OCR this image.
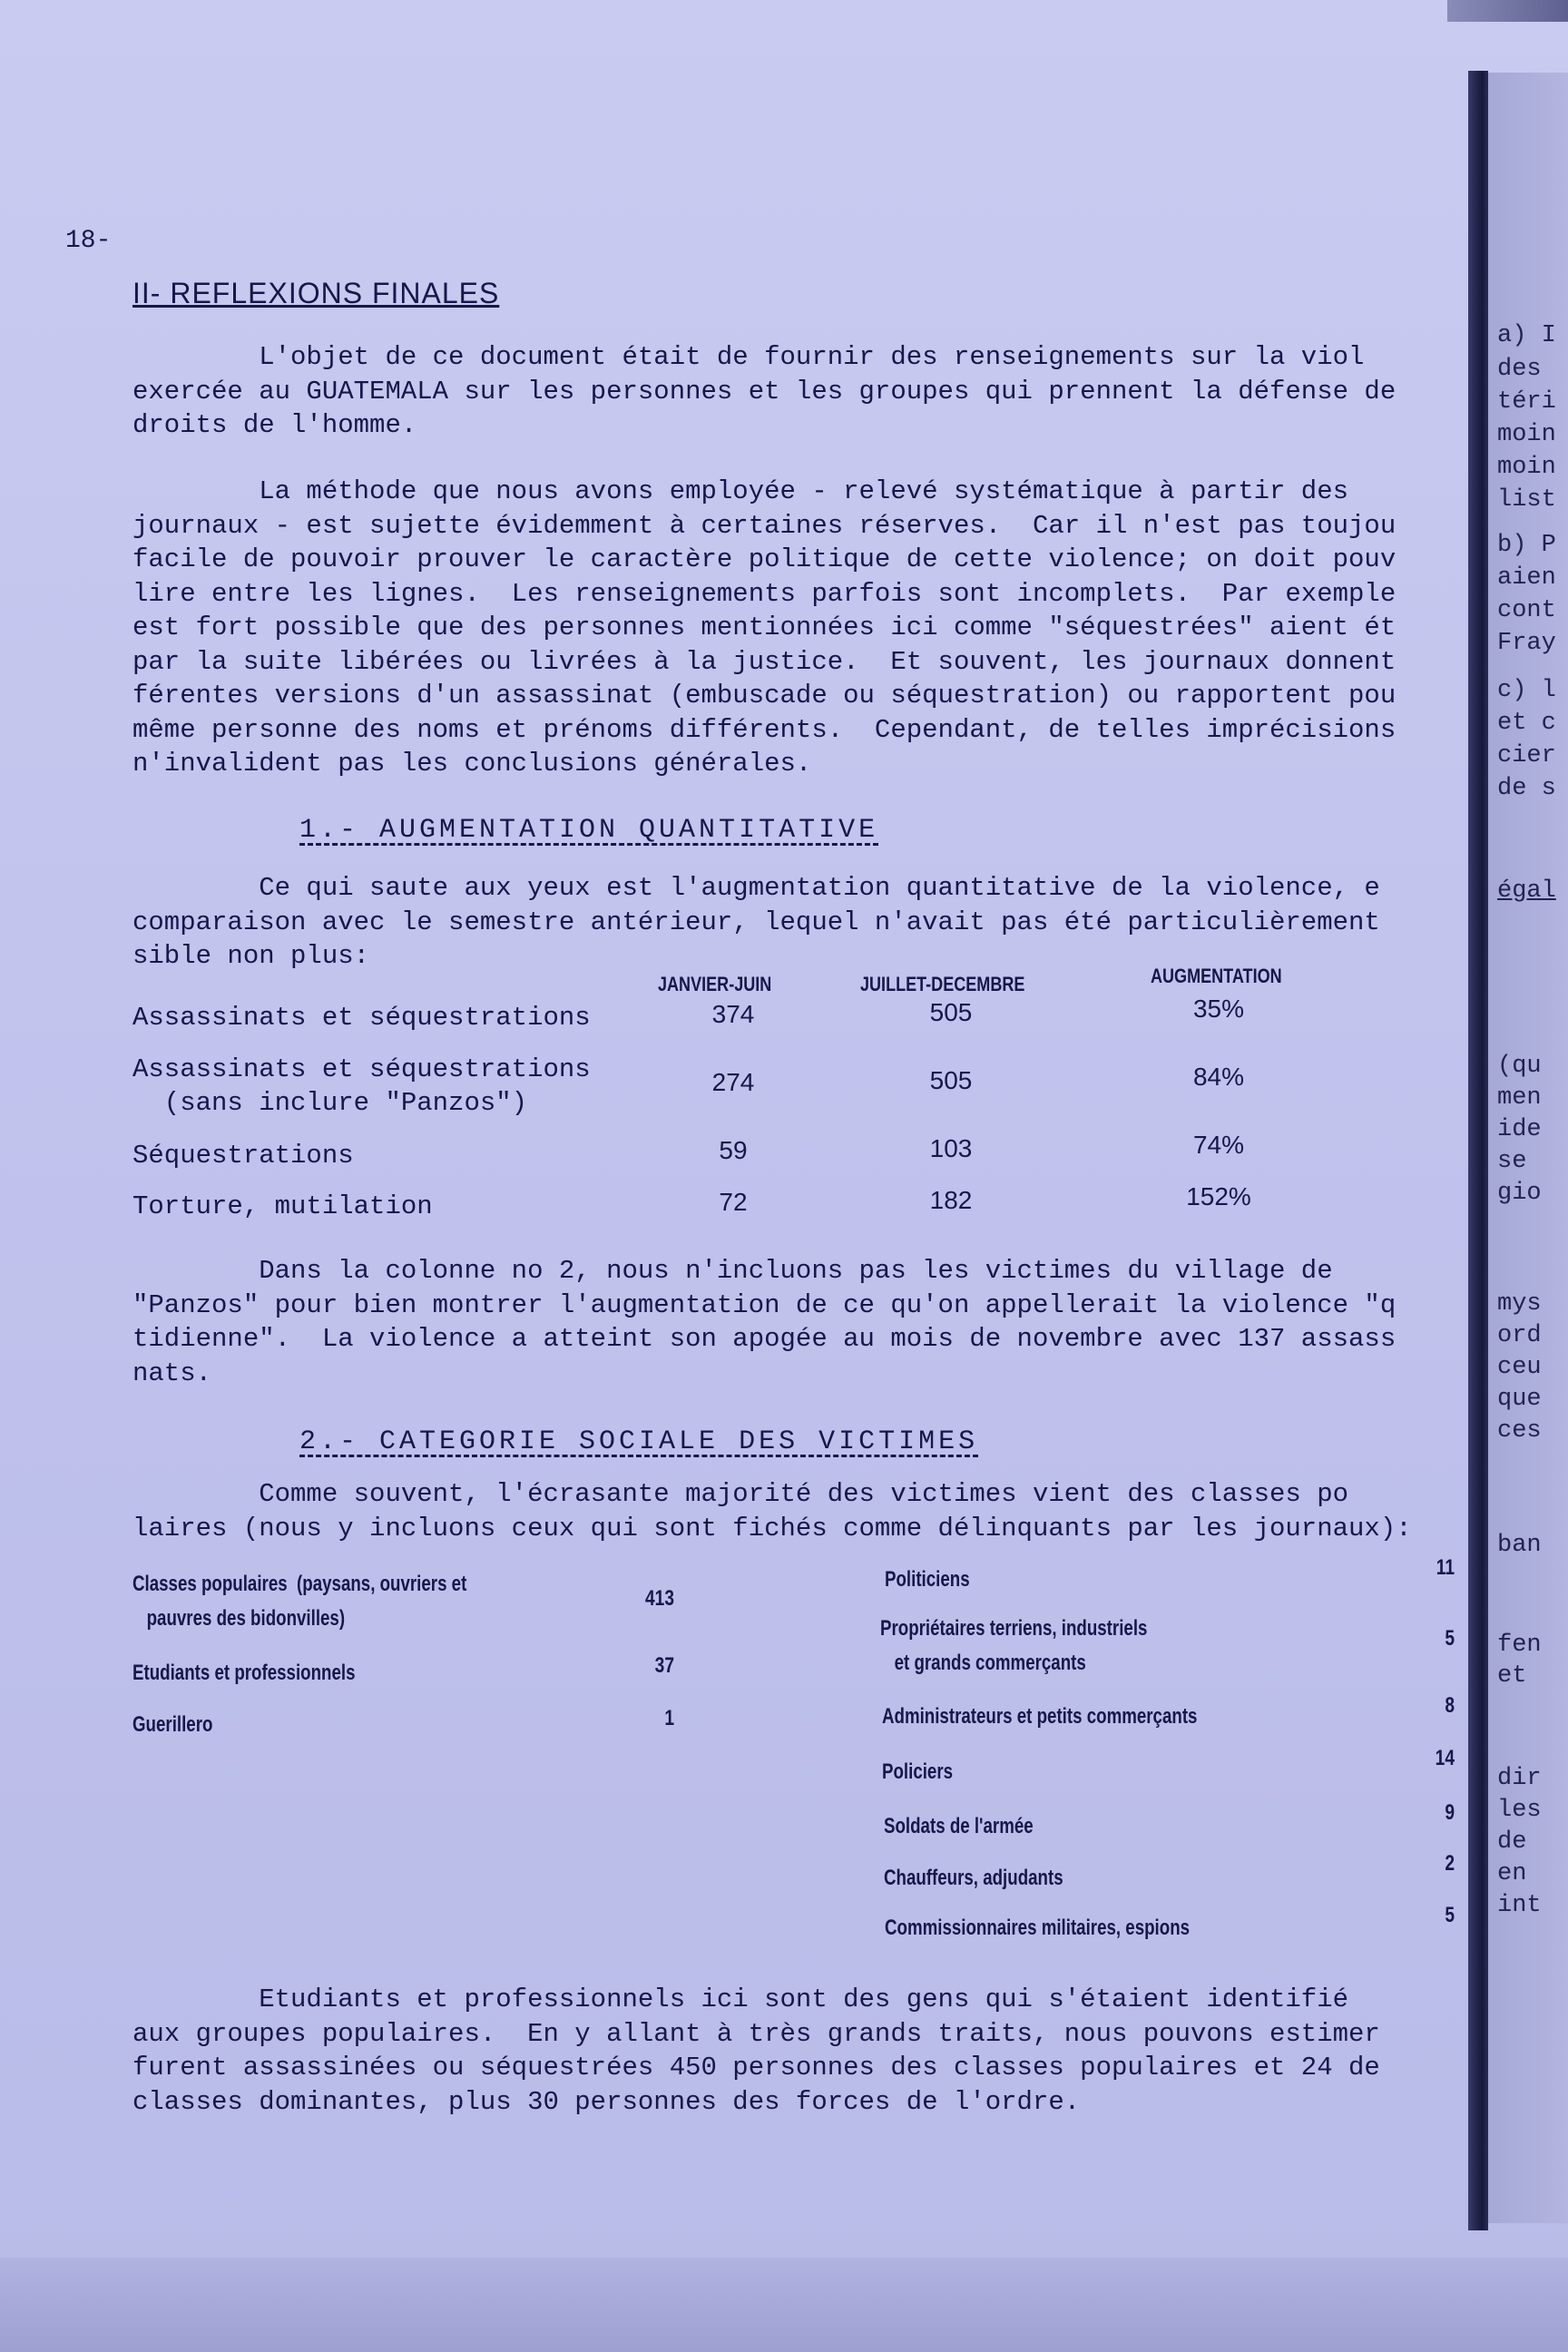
18-
II- REFLEXIONS FINALES
L'objet de ce document était de fournir des renseignements sur la viol
exercée au GUATEMALA sur les personnes et les groupes qui prennent la défense de
droits de l'homme.
La méthode que nous avons employée - relevé systématique à partir des
journaux - est sujette évidemment à certaines réserves.  Car il n'est pas toujou
facile de pouvoir prouver le caractère politique de cette violence; on doit pouv
lire entre les lignes.  Les renseignements parfois sont incomplets.  Par exemple
est fort possible que des personnes mentionnées ici comme "séquestrées" aient ét
par la suite libérées ou livrées à la justice.  Et souvent, les journaux donnent
férentes versions d'un assassinat (embuscade ou séquestration) ou rapportent pou
même personne des noms et prénoms différents.  Cependant, de telles imprécisions
n'invalident pas les conclusions générales.
1.- AUGMENTATION QUANTITATIVE
Ce qui saute aux yeux est l'augmentation quantitative de la violence, e
comparaison avec le semestre antérieur, lequel n'avait pas été particulièrement
sible non plus:
JANVIER-JUIN	JUILLET-DECEMBRE	AUGMENTATION
Assassinats et séquestrations	374	505	35%
Assassinats et séquestrations
(sans inclure "Panzos")
274	505	84%
Séquestrations	59	103	74%
Torture, mutilation	72	182	152%
Dans la colonne no 2, nous n'incluons pas les victimes du village de
"Panzos" pour bien montrer l'augmentation de ce qu'on appellerait la violence "q
tidienne".  La violence a atteint son apogée au mois de novembre avec 137 assass
nats.
2.- CATEGORIE SOCIALE DES VICTIMES
Comme souvent, l'écrasante majorité des victimes vient des classes po
laires (nous y incluons ceux qui sont fichés comme délinquants par les journaux):
Classes populaires  (paysans, ouvriers et
pauvres des bidonvilles)
413
Etudiants et professionnels	37
Guerillero	1
Politiciens	11
Propriétaires terriens, industriels
et grands commerçants
5
Administrateurs et petits commerçants	8
Policiers
14
Soldats de l'armée
9
Chauffeurs, adjudants
2
Commissionnaires militaires, espions
5
Etudiants et professionnels ici sont des gens qui s'étaient identifié
aux groupes populaires.  En y allant à très grands traits, nous pouvons estimer
furent assassinées ou séquestrées 450 personnes des classes populaires et 24 de
classes dominantes, plus 30 personnes des forces de l'ordre.
a) I
des
téri
moin
moin
list
b) P
aien
cont
Fray
c) l
et c
cier
de s
égal
(qu
men
ide
se
gio
mys
ord
ceu
que
ces
ban
fen
et
dir
les
de
en
int
